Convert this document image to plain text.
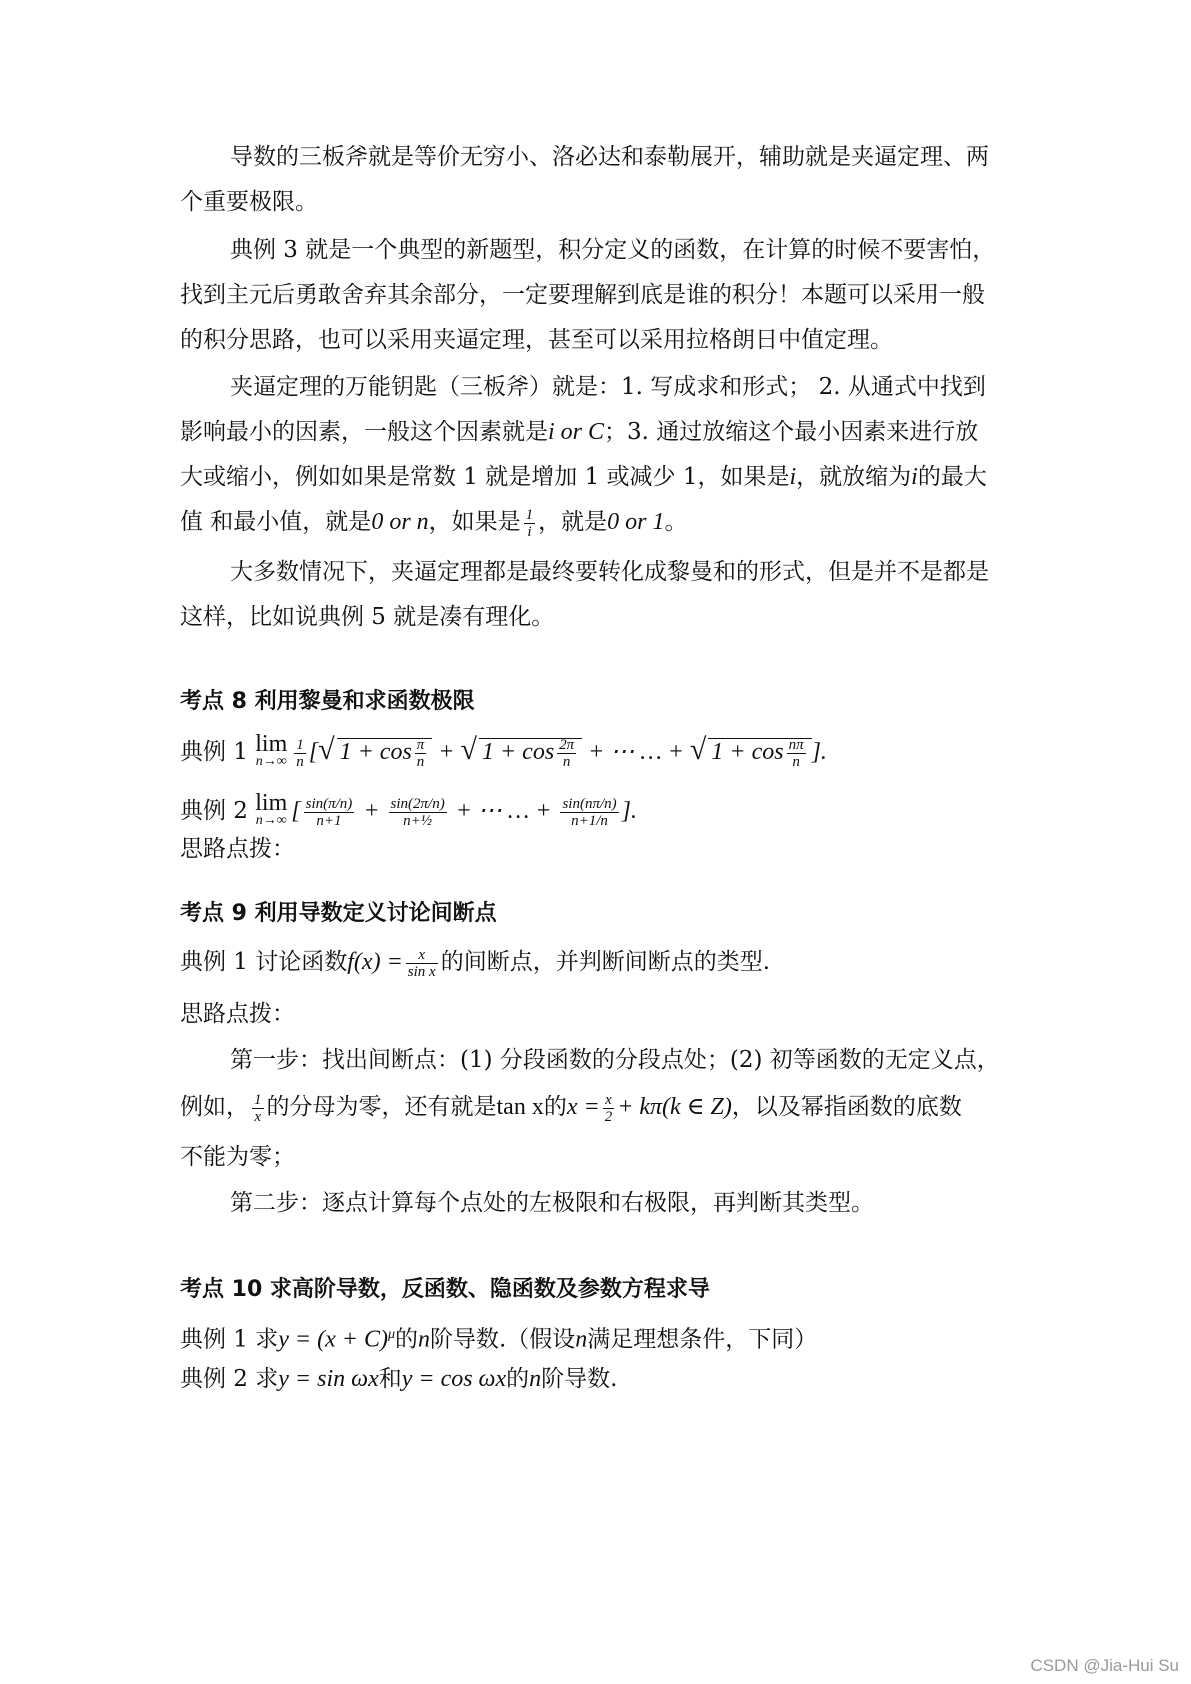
导数的三板斧就是等价无穷小、洛必达和泰勒展开，辅助就是夹逼定理、两
个重要极限。
典例 3 就是一个典型的新题型，积分定义的函数，在计算的时候不要害怕，
找到主元后勇敢舍弃其余部分，一定要理解到底是谁的积分！本题可以采用一般
的积分思路，也可以采用夹逼定理，甚至可以采用拉格朗日中值定理。
夹逼定理的万能钥匙（三板斧）就是：1. 写成求和形式； 2. 从通式中找到
影响最小的因素，一般这个因素就是i or C；3. 通过放缩这个最小因素来进行放
大或缩小，例如如果是常数 1 就是增加 1 或减少 1，如果是i，就放缩为i的最大
值 和最小值，就是0 or n，如果是 $\frac{1}{i}$ ，就是0 or 1。
大多数情况下，夹逼定理都是最终要转化成黎曼和的形式，但是并不是都是
这样，比如说典例 5 就是凑有理化。
考点 8 利用黎曼和求函数极限
典例 1 lim
$n\to\infty \frac{1}{n}$ [√ $1 + \cos \frac{\pi}{n}$ + √ $1 + \cos \frac{2\pi}{n}$ + ⋯ … + √ $1 + \cos \frac{n\pi}{n}$ ].
典例 2 lim
n→∞ [ $\frac{\sin(\pi/n)}{n+1} + \frac{\sin(2\pi/n)}{\text{n+½}}$ + ⋯ … + $\frac{\sin(n\pi/n)}{n+1/n}$ ].
思路点拨：
考点 9 利用导数定义讨论间断点
典例 1 讨论函数$f(x) = \frac{x}{\text{sin x}}$ 的间断点，并判断间断点的类型.
思路点拨：
第一步：找出间断点：(1) 分段函数的分段点处；(2) 初等函数的无定义点，
例如， $\frac{1}{x}$ 的分母为零，还有就是tan x的$x = \frac{x}{2} + k\pi(k$ ∈ Z)，以及幂指函数的底数
不能为零；
第二步：逐点计算每个点处的左极限和右极限，再判断其类型。
考点 10 求高阶导数，反函数、隐函数及参数方程求导
典例 1 求$y = (x + C)^\mu$的n阶导数.（假设n满足理想条件，下同）
典例 2 求y = sin ωx和y = cos ωx的n阶导数.
CSDN @Jia-Hui Su
